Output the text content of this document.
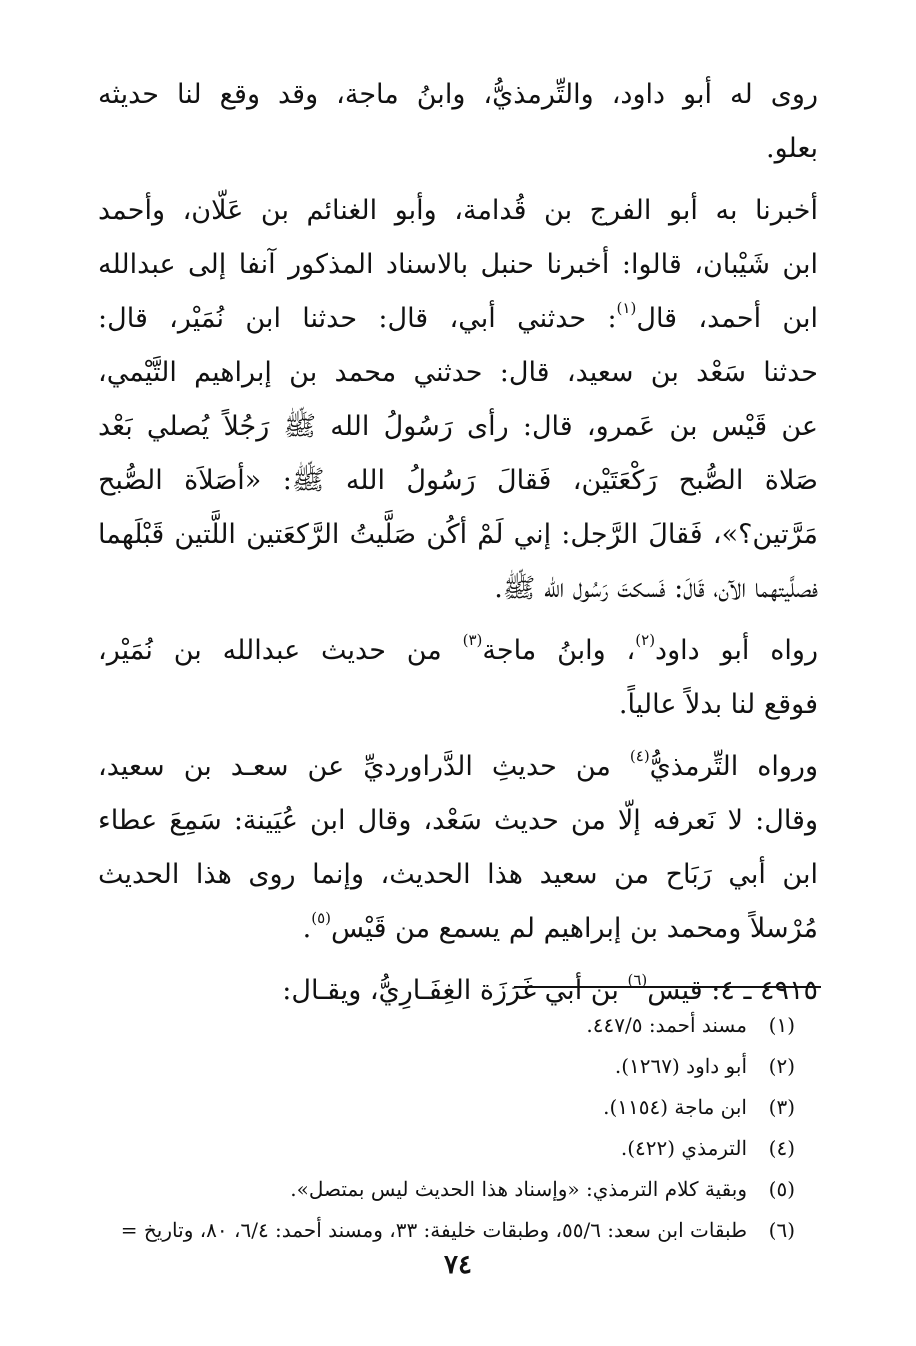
روى له أبو داود، والتِّرمذيُّ، وابنُ ماجة، وقد وقع لنا حديثه
بعلو.
أخبرنا به أبو الفرج بن قُدامة، وأبو الغنائم بن عَلّان، وأحمد
ابن شَيْبان، قالوا: أخبرنا حنبل بالاسناد المذكور آنفا إلى عبدالله
ابن أحمد، قال$^{(١)}$: حدثني أبي، قال: حدثنا ابن نُمَيْر، قال:
حدثنا سَعْد بن سعيد، قال: حدثني محمد بن إبراهيم التَّيْمي،
عن قَيْس بن عَمرو، قال: رأى رَسُولُ الله ﷺ رَجُلاً يُصلي بَعْد
صَلاة الصُّبح رَكْعَتَيْن، فَقالَ رَسُولُ الله ﷺ: «أصَلاَة الصُّبح
مَرَّتين؟»، فَقالَ الرَّجل: إني لَمْ أكُن صَلَّيتُ الرَّكعَتين اللَّتين قَبْلَهما
فصلَّيتهما الآن، قَالَ: فَسكتَ رَسُول الله ﷺ.
رواه أبو داود$^{(٢)}$، وابنُ ماجة$^{(٣)}$ من حديث عبدالله بن نُمَيْر،
فوقع لنا بدلاً عالياً.
ورواه التِّرمذيُّ$^{(٤)}$ من حديثِ الدَّراورديِّ عن سعـد بن سعيد،
وقال: لا نَعرفه إلّا من حديث سَعْد، وقال ابن عُيَينة: سَمِعَ عطاء
ابن أبي رَبَاح من سعيد هذا الحديث، وإنما روى هذا الحديث
مُرْسلاً ومحمد بن إبراهيم لم يسمع من قَيْس$^{(٥)}$.
٤٩١٥ ـ ٤: قيس$^{(٦)}$ بن أبي غَرَزَة الغِفَـارِيُّ، ويقـال:
(١)
مسند أحمد: ٤٤٧/٥.
(٢)
أبو داود (١٢٦٧).
(٣)
ابن ماجة (١١٥٤).
(٤)
الترمذي (٤٢٢).
(٥)
وبقية كلام الترمذي: «وإسناد هذا الحديث ليس بمتصل».
(٦)
طبقات ابن سعد: ٥٥/٦، وطبقات خليفة: ٣٣، ومسند أحمد: ٦/٤، ٨٠، وتاريخ =
٧٤
